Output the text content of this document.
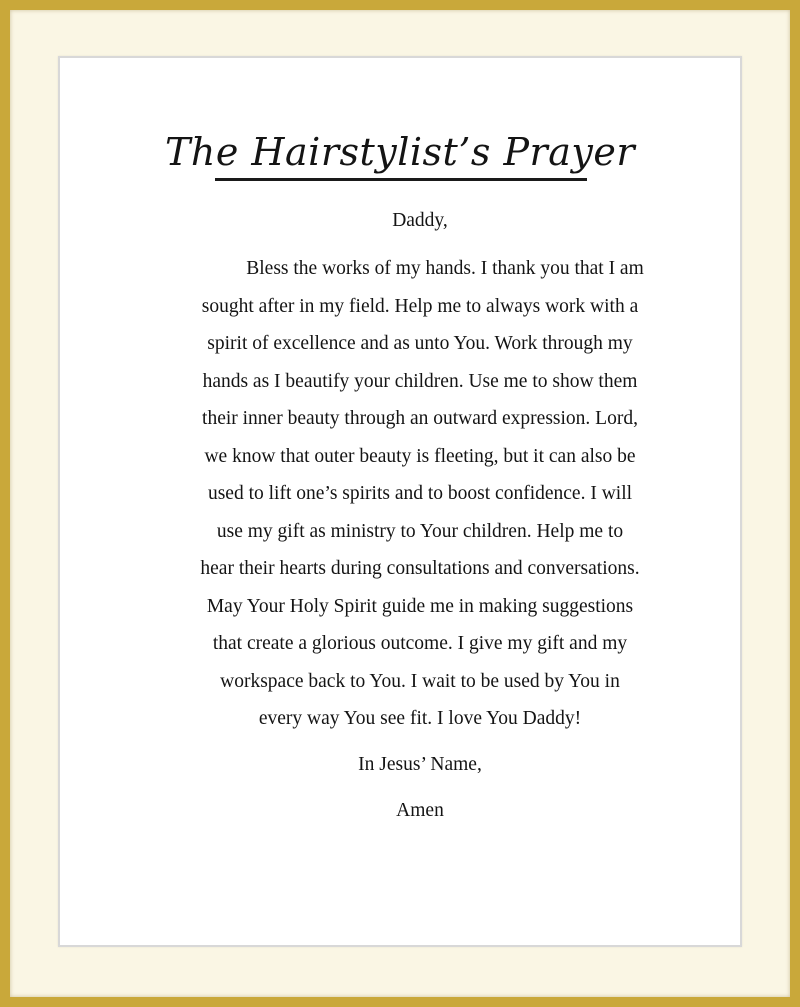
The Hairstylist’s Prayer

Daddy,

Bless the works of my hands. I thank you that I am
sought after in my field. Help me to always work with a
spirit of excellence and as unto You. Work through my
hands as I beautify your children. Use me to show them
their inner beauty through an outward expression. Lord,
we know that outer beauty is fleeting, but it can also be
used to lift one’s spirits and to boost confidence. I will
use my gift as ministry to Your children. Help me to
hear their hearts during consultations and conversations.
May Your Holy Spirit guide me in making suggestions
that create a glorious outcome. I give my gift and my
workspace back to You. I wait to be used by You in
every way You see fit. I love You Daddy!

In Jesus’ Name,

Amen
